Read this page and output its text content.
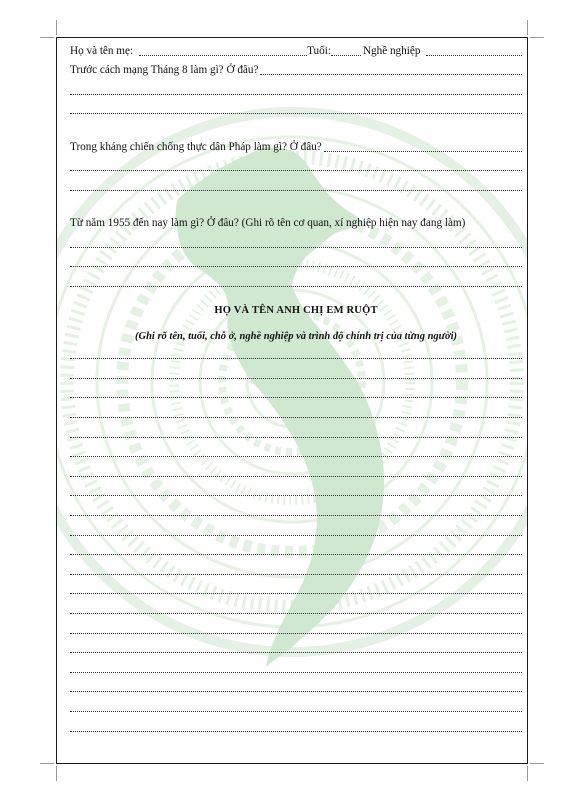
Họ và tên mẹ:	Tuổi:	Nghề nghiệp
Trước cách mạng Tháng 8 làm gì? Ở đâu?
Trong kháng chiến chống thực dân Pháp làm gì? Ở đâu?
Từ năm 1955 đến nay làm gì? Ở đâu? (Ghi rõ tên cơ quan, xí nghiệp hiện nay đang làm)
HỌ VÀ TÊN ANH CHỊ EM RUỘT
(Ghi rõ tên, tuổi, chỗ ở, nghề nghiệp và trình độ chính trị của từng người)
